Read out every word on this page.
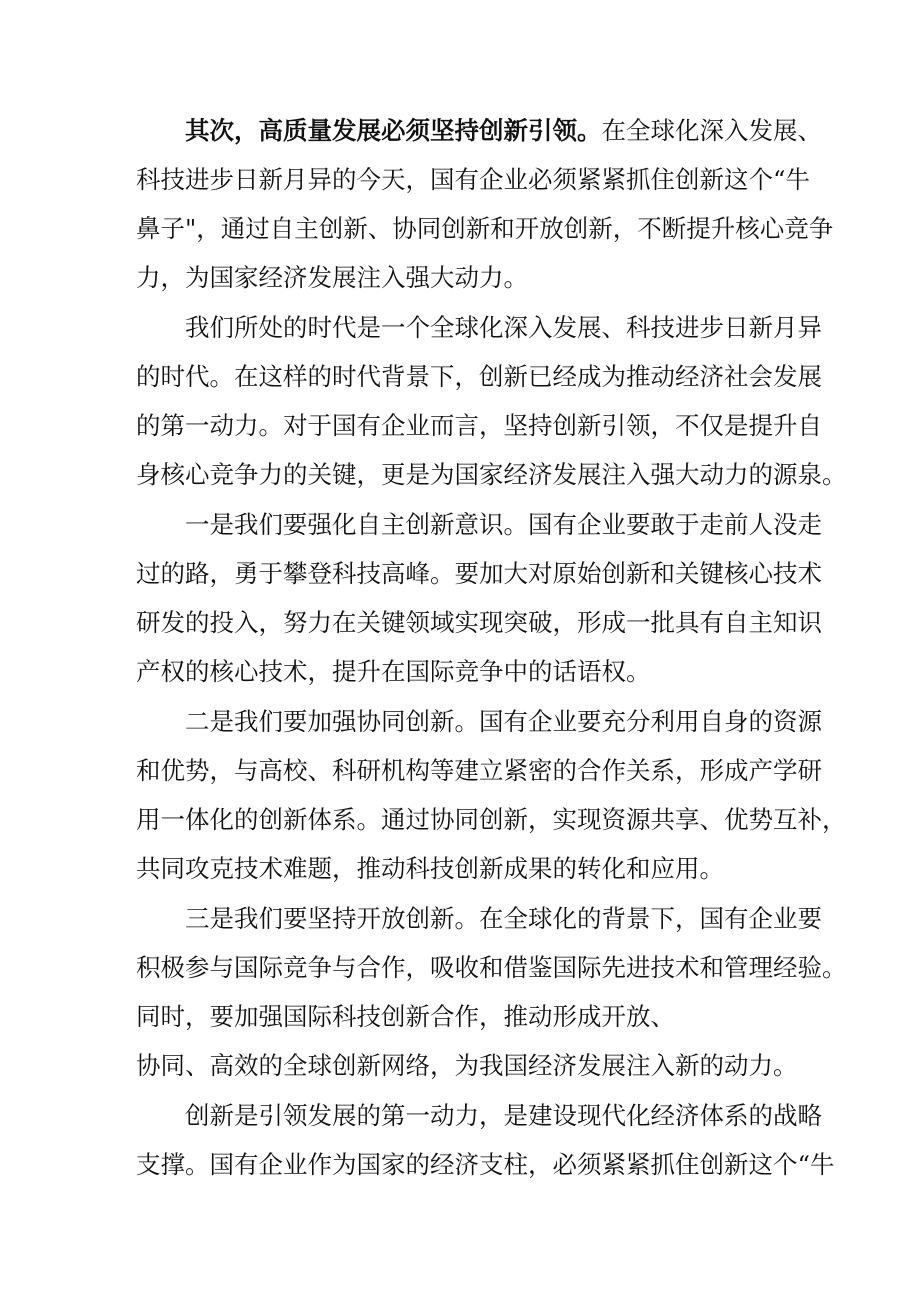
其次，高质量发展必须坚持创新引领。在全球化深入发展、
科技进步日新月异的今天，国有企业必须紧紧抓住创新这个“牛
鼻子"，通过自主创新、协同创新和开放创新，不断提升核心竞争
力，为国家经济发展注入强大动力。
我们所处的时代是一个全球化深入发展、科技进步日新月异
的时代。在这样的时代背景下，创新已经成为推动经济社会发展
的第一动力。对于国有企业而言，坚持创新引领，不仅是提升自
身核心竞争力的关键，更是为国家经济发展注入强大动力的源泉。
一是我们要强化自主创新意识。国有企业要敢于走前人没走
过的路，勇于攀登科技高峰。要加大对原始创新和关键核心技术
研发的投入，努力在关键领域实现突破，形成一批具有自主知识
产权的核心技术，提升在国际竞争中的话语权。
二是我们要加强协同创新。国有企业要充分利用自身的资源
和优势，与高校、科研机构等建立紧密的合作关系，形成产学研
用一体化的创新体系。通过协同创新，实现资源共享、优势互补，
共同攻克技术难题，推动科技创新成果的转化和应用。
三是我们要坚持开放创新。在全球化的背景下，国有企业要
积极参与国际竞争与合作，吸收和借鉴国际先进技术和管理经验。
同时，要加强国际科技创新合作，推动形成开放、
协同、高效的全球创新网络，为我国经济发展注入新的动力。
创新是引领发展的第一动力，是建设现代化经济体系的战略
支撑。国有企业作为国家的经济支柱，必须紧紧抓住创新这个“牛
